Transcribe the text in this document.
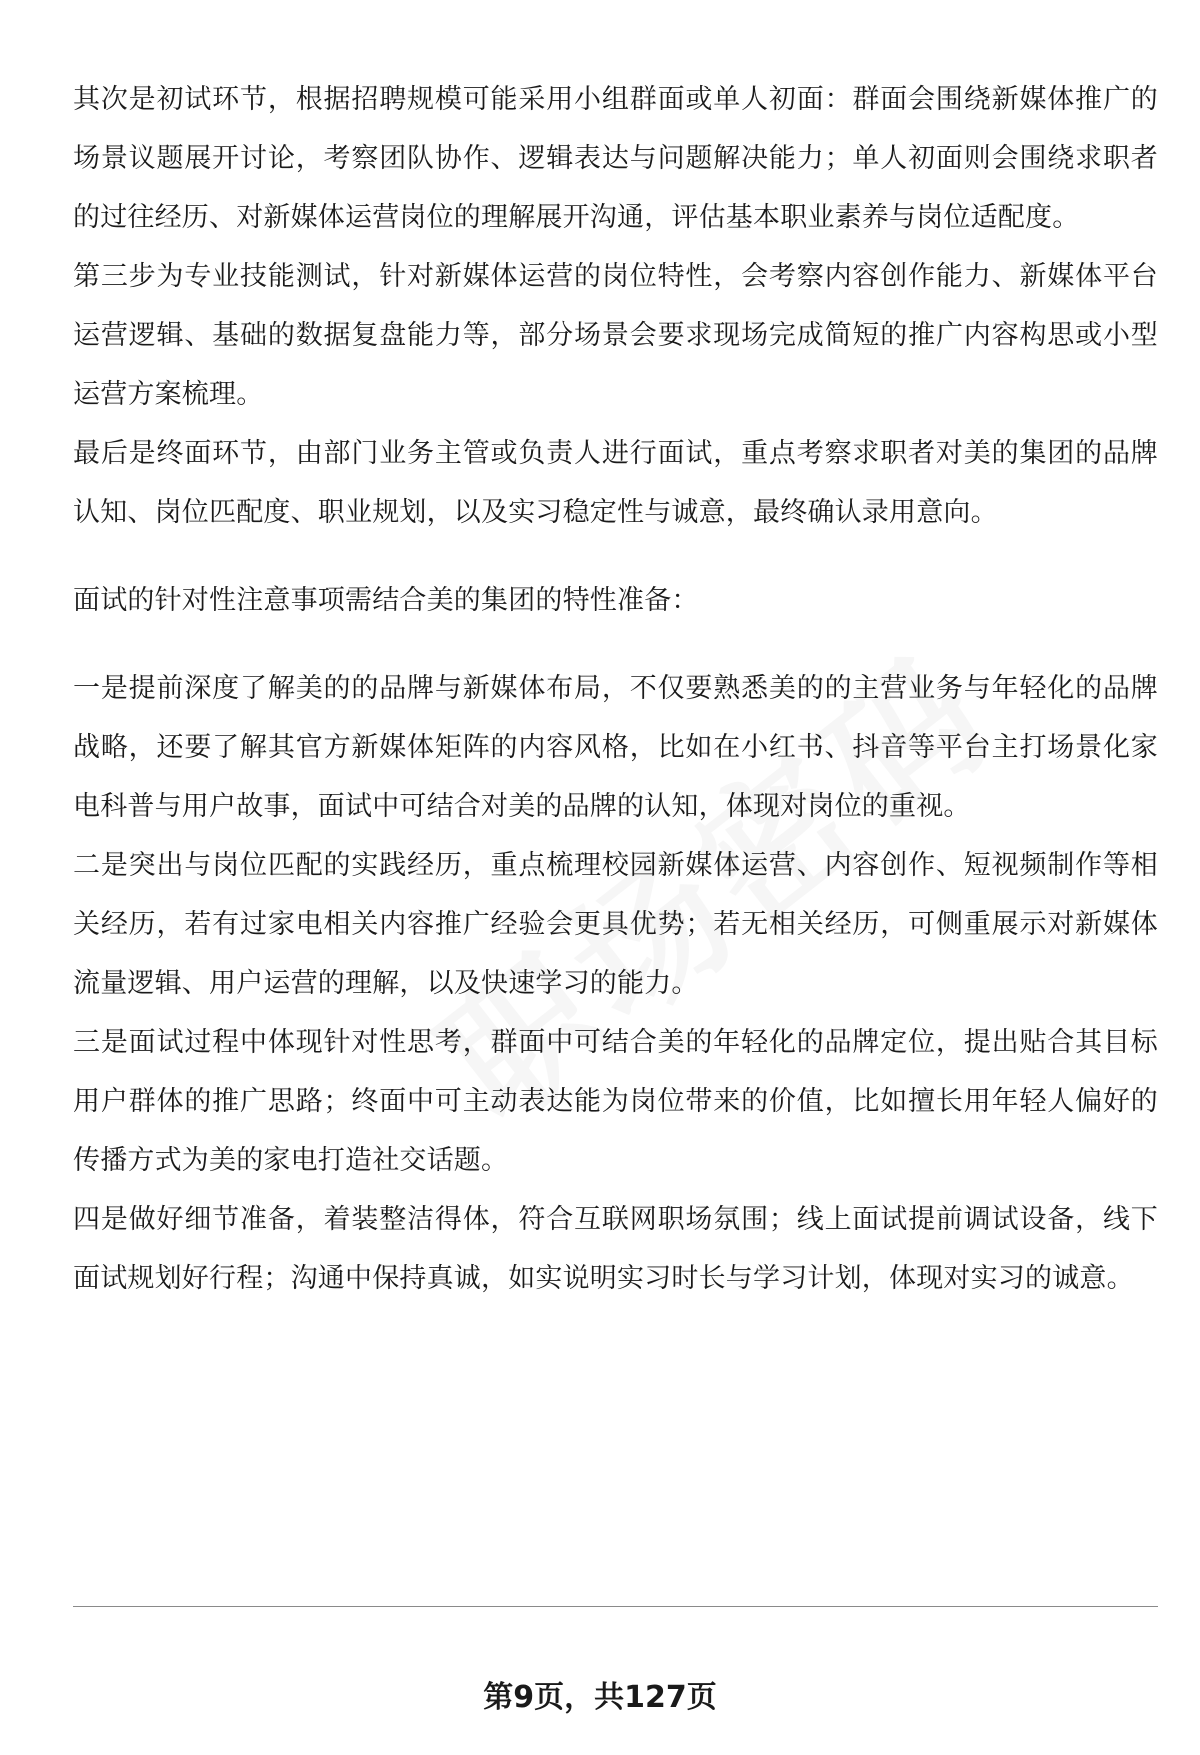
其次是初试环节，根据招聘规模可能采用小组群面或单人初面：群面会围绕新媒体推广的场景议题展开讨论，考察团队协作、逻辑表达与问题解决能力；单人初面则会围绕求职者的过往经历、对新媒体运营岗位的理解展开沟通，评估基本职业素养与岗位适配度。

第三步为专业技能测试，针对新媒体运营的岗位特性，会考察内容创作能力、新媒体平台运营逻辑、基础的数据复盘能力等，部分场景会要求现场完成简短的推广内容构思或小型运营方案梳理。

最后是终面环节，由部门业务主管或负责人进行面试，重点考察求职者对美的集团的品牌认知、岗位匹配度、职业规划，以及实习稳定性与诚意，最终确认录用意向。

面试的针对性注意事项需结合美的集团的特性准备：

一是提前深度了解美的的品牌与新媒体布局，不仅要熟悉美的的主营业务与年轻化的品牌战略，还要了解其官方新媒体矩阵的内容风格，比如在小红书、抖音等平台主打场景化家电科普与用户故事，面试中可结合对美的品牌的认知，体现对岗位的重视。

二是突出与岗位匹配的实践经历，重点梳理校园新媒体运营、内容创作、短视频制作等相关经历，若有过家电相关内容推广经验会更具优势；若无相关经历，可侧重展示对新媒体流量逻辑、用户运营的理解，以及快速学习的能力。

三是面试过程中体现针对性思考，群面中可结合美的年轻化的品牌定位，提出贴合其目标用户群体的推广思路；终面中可主动表达能为岗位带来的价值，比如擅长用年轻人偏好的传播方式为美的家电打造社交话题。

四是做好细节准备，着装整洁得体，符合互联网职场氛围；线上面试提前调试设备，线下面试规划好行程；沟通中保持真诚，如实说明实习时长与学习计划，体现对实习的诚意。

第9页，共127页
